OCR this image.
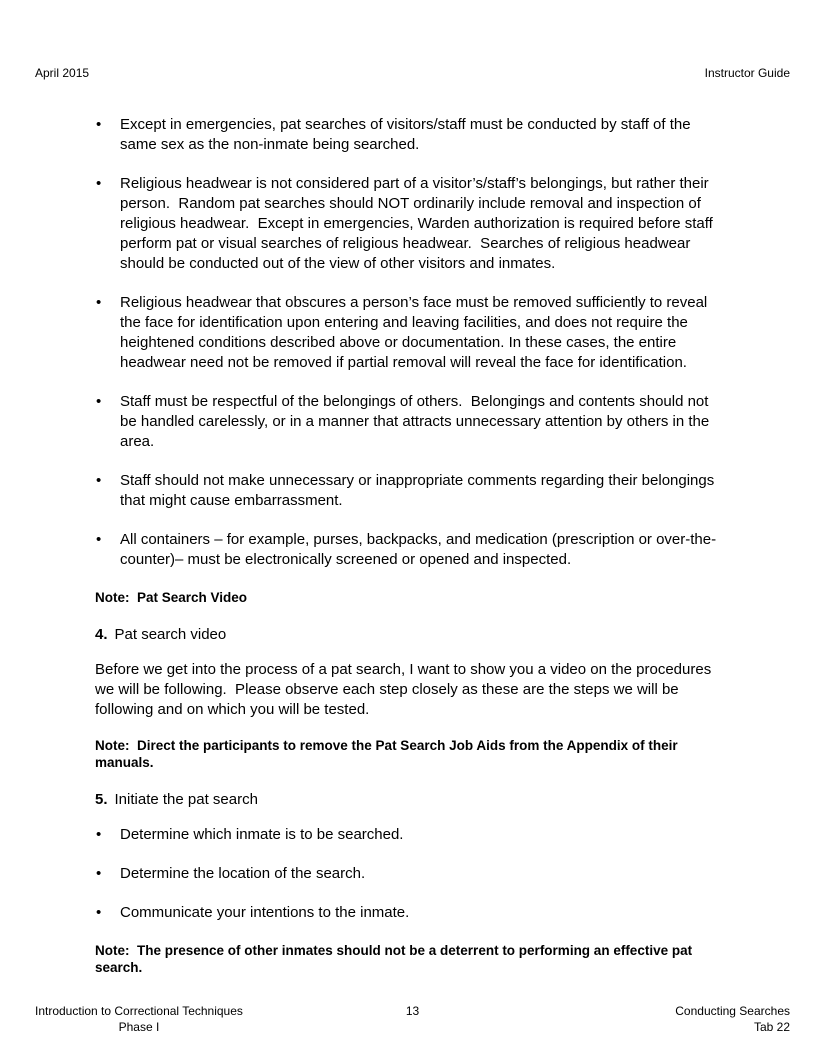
April 2015	Instructor Guide
• Except in emergencies, pat searches of visitors/staff must be conducted by staff of the same sex as the non-inmate being searched.
• Religious headwear is not considered part of a visitor’s/staff’s belongings, but rather their person.  Random pat searches should NOT ordinarily include removal and inspection of religious headwear.  Except in emergencies, Warden authorization is required before staff perform pat or visual searches of religious headwear.  Searches of religious headwear should be conducted out of the view of other visitors and inmates.
• Religious headwear that obscures a person’s face must be removed sufficiently to reveal the face for identification upon entering and leaving facilities, and does not require the heightened conditions described above or documentation. In these cases, the entire headwear need not be removed if partial removal will reveal the face for identification.
• Staff must be respectful of the belongings of others.  Belongings and contents should not be handled carelessly, or in a manner that attracts unnecessary attention by others in the area.
• Staff should not make unnecessary or inappropriate comments regarding their belongings that might cause embarrassment.
• All containers – for example, purses, backpacks, and medication (prescription or over-the-counter)– must be electronically screened or opened and inspected.
Note:  Pat Search Video
4. Pat search video
Before we get into the process of a pat search, I want to show you a video on the procedures we will be following.  Please observe each step closely as these are the steps we will be following and on which you will be tested.
Note:  Direct the participants to remove the Pat Search Job Aids from the Appendix of their manuals.
5. Initiate the pat search
• Determine which inmate is to be searched.
• Determine the location of the search.
• Communicate your intentions to the inmate.
Note:  The presence of other inmates should not be a deterrent to performing an effective pat search.
Introduction to Correctional Techniques
Phase I
13	Conducting Searches
Tab 22
